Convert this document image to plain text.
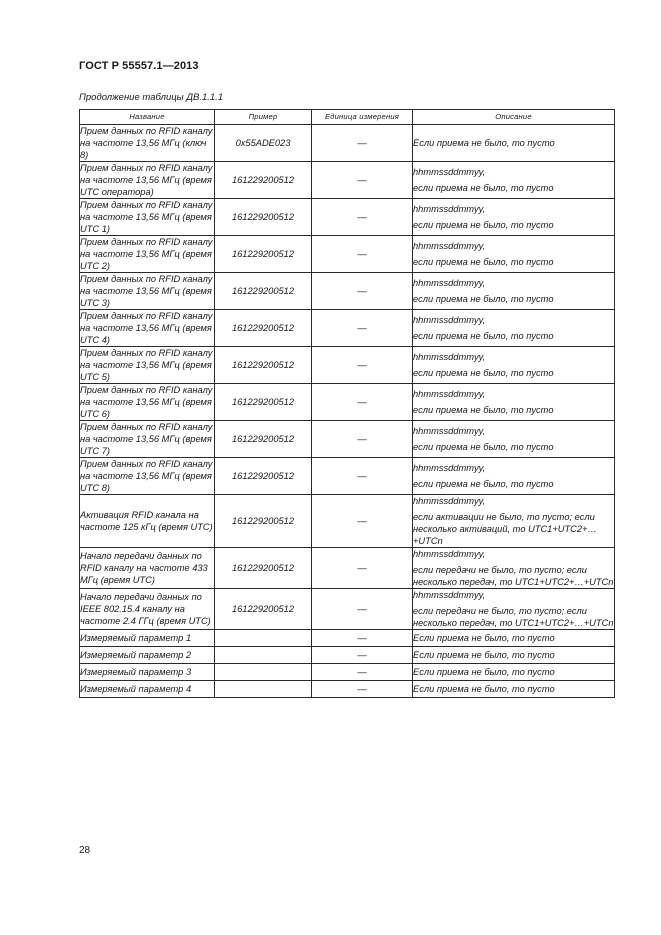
ГОСТ Р 55557.1—2013
Продолжение таблицы ДВ.1.1.1
Название	Пример	Единица измерения	Описание
Прием данных по RFID каналу на частоте 13,56 МГц (ключ 8)	0x55ADE023	—	Если приема не было, то пусто

Прием данных по RFID каналу на частоте 13,56 МГц (время UTC оператора)	161229200512	—	hhmmssddmmyy,
если приема не было, то пусто

Прием данных по RFID каналу на частоте 13,56 МГц (время UTC 1)	161229200512	—	hhmmssddmmyy,
если приема не было, то пусто

Прием данных по RFID каналу на частоте 13,56 МГц (время UTC 2)	161229200512	—	hhmmssddmmyy,
если приема не было, то пусто

Прием данных по RFID каналу на частоте 13,56 МГц (время UTC 3)	161229200512	—	hhmmssddmmyy,
если приема не было, то пусто

Прием данных по RFID каналу на частоте 13,56 МГц (время UTC 4)	161229200512	—	hhmmssddmmyy,
если приема не было, то пусто

Прием данных по RFID каналу на частоте 13,56 МГц (время UTC 5)	161229200512	—	hhmmssddmmyy,
если приема не было, то пусто

Прием данных по RFID каналу на частоте 13,56 МГц (время UTC 6)	161229200512	—	hhmmssddmmyy,
если приема не было, то пусто

Прием данных по RFID каналу на частоте 13,56 МГц (время UTC 7)	161229200512	—	hhmmssddmmyy,
если приема не было, то пусто

Прием данных по RFID каналу на частоте 13,56 МГц (время UTC 8)	161229200512	—	hhmmssddmmyy,
если приема не было, то пусто

Активация RFID канала на частоте 125 кГц (время UTC)	161229200512	—	hhmmssddmmyy,
если активации не было, то пусто; если несколько активаций, то UTC1+UTC2+…+UTCn

Начало передачи данных по RFID каналу на частоте 433 МГц (время UTC)	161229200512	—	hhmmssddmmyy,
если передачи не было, то пусто; если несколько передач, то UTC1+UTC2+…+UTCn

Начало передачи данных по IEEE 802.15.4 каналу на частоте 2.4 ГГц (время UTC)	161229200512	—	hhmmssddmmyy,
если передачи не было, то пусто; если несколько передач, то UTC1+UTC2+…+UTCn

Измеряемый параметр 1		—	Если приема не было, то пусто

Измеряемый параметр 2		—	Если приема не было, то пусто

Измеряемый параметр 3		—	Если приема не было, то пусто

Измеряемый параметр 4		—	Если приема не было, то пусто
28
